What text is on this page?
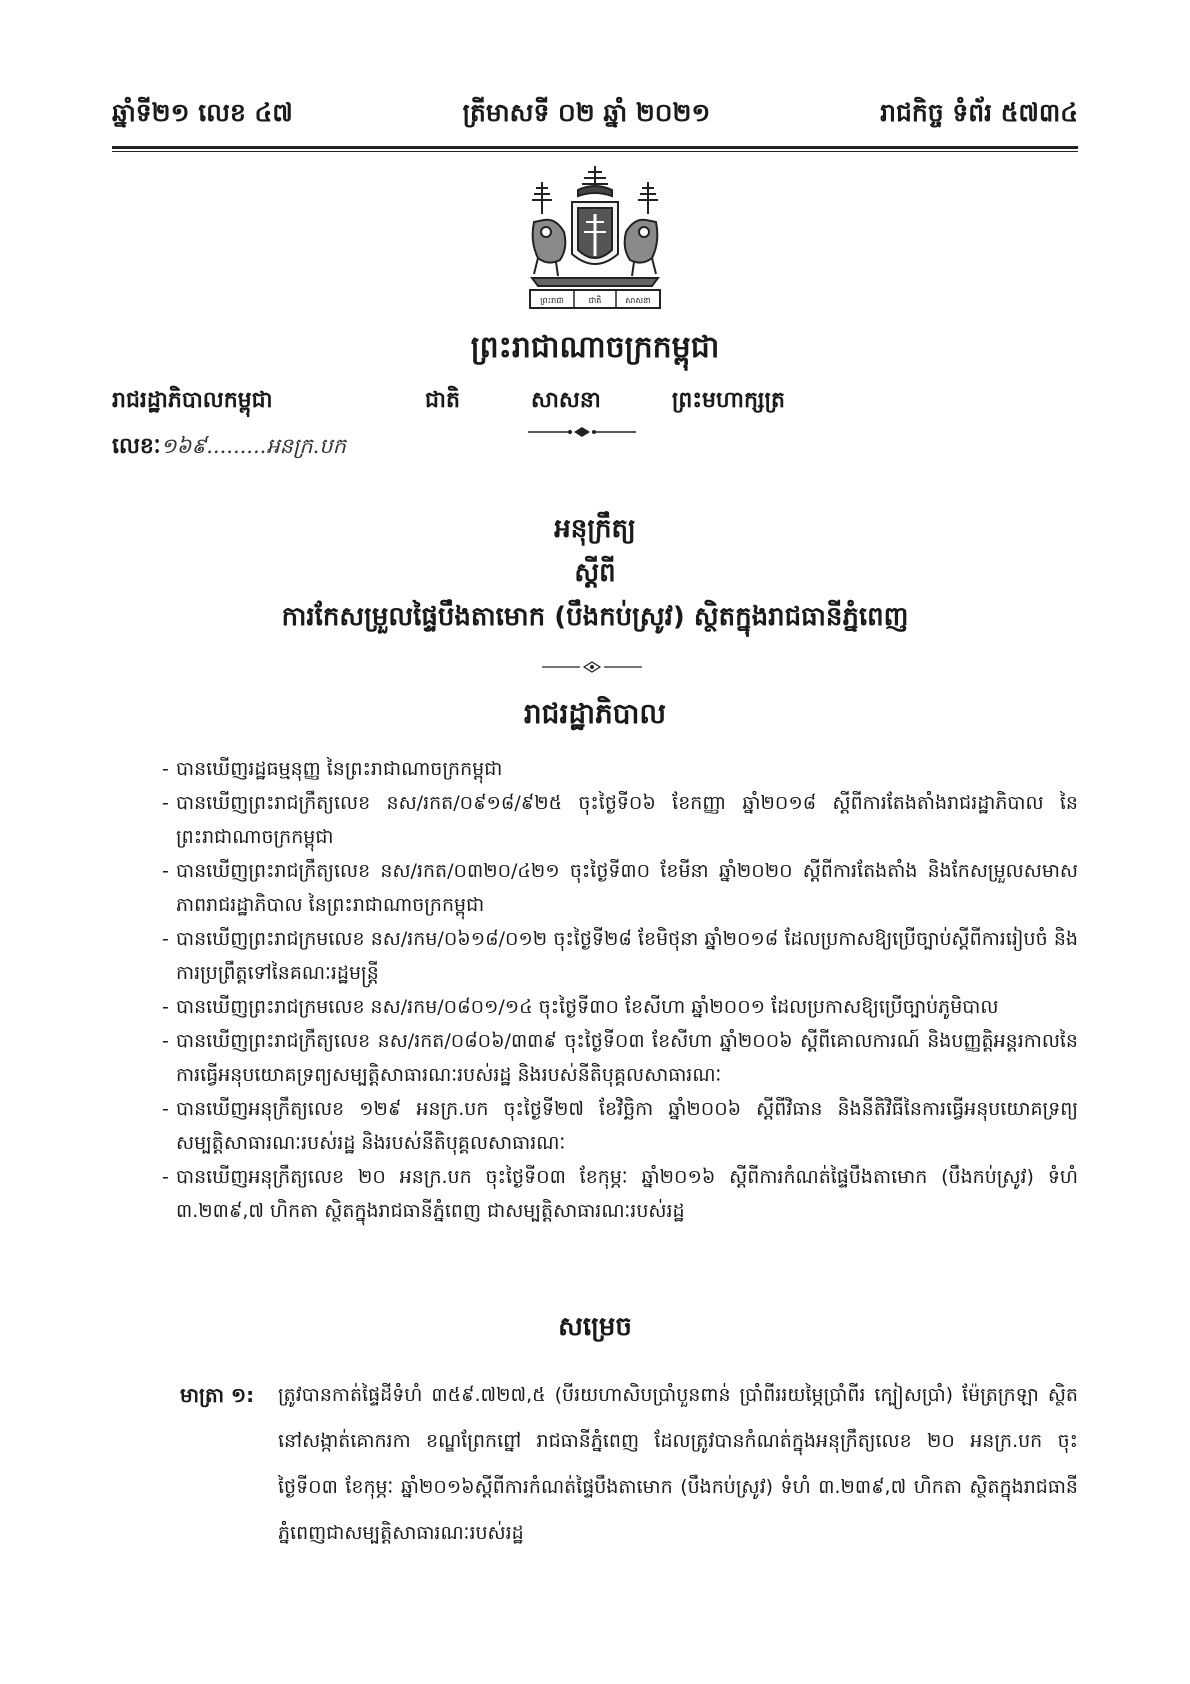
ឆ្នាំទី២១ លេខ ៤៧	ត្រីមាសទី ០២ ឆ្នាំ ២០២១	រាជកិច្ច ទំព័រ ៥៧៣៤
ព្រះរាជា	ជាតិ	សាសនា
ព្រះរាជាណាចក្រកម្ពុជា
រាជរដ្ឋាភិបាលកម្ពុជា	ជាតិ	សាសនា	ព្រះមហាក្សត្រ
លេខៈ១៦៩.........អនក្រ.បក
អនុក្រឹត្យ
ស្ដីពី
ការកែសម្រួលផ្ទៃបឹងតាមោក (បឹងកប់ស្រូវ) ស្ថិតក្នុងរាជធានីភ្នំពេញ
រាជរដ្ឋាភិបាល
- បានឃើញរដ្ឋធម្មនុញ្ញ នៃព្រះរាជាណាចក្រកម្ពុជា
- បានឃើញព្រះរាជក្រឹត្យលេខ នស/រកត/០៩១៨/៩២៥ ចុះថ្ងៃទី០៦ ខែកញ្ញា ឆ្នាំ២០១៨ ស្ដីពីការតែងតាំងរាជរដ្ឋាភិបាល នៃព្រះរាជាណាចក្រកម្ពុជា
- បានឃើញព្រះរាជក្រឹត្យលេខ នស/រកត/០៣២០/៤២១ ចុះថ្ងៃទី៣០ ខែមីនា ឆ្នាំ២០២០ ស្ដីពីការតែងតាំង និងកែសម្រួលសមាសភាពរាជរដ្ឋាភិបាល នៃព្រះរាជាណាចក្រកម្ពុជា
- បានឃើញព្រះរាជក្រមលេខ នស/រកម/០៦១៨/០១២ ចុះថ្ងៃទី២៨ ខែមិថុនា ឆ្នាំ២០១៨ ដែលប្រកាសឱ្យប្រើច្បាប់ស្ដីពីការរៀបចំ និងការប្រព្រឹត្តទៅនៃគណៈរដ្ឋមន្ត្រី
- បានឃើញព្រះរាជក្រមលេខ នស/រកម/០៨០១/១៤ ចុះថ្ងៃទី៣០ ខែសីហា ឆ្នាំ២០០១ ដែលប្រកាសឱ្យប្រើច្បាប់ភូមិបាល
- បានឃើញព្រះរាជក្រឹត្យលេខ នស/រកត/០៨០៦/៣៣៩ ចុះថ្ងៃទី០៣ ខែសីហា ឆ្នាំ២០០៦ ស្ដីពីគោលការណ៍ និងបញ្ញត្តិអន្តរកាលនៃការធ្វើអនុបយោគទ្រព្យសម្បត្តិសាធារណៈរបស់រដ្ឋ និងរបស់នីតិបុគ្គលសាធារណៈ
- បានឃើញអនុក្រឹត្យលេខ ១២៩ អនក្រ.បក ចុះថ្ងៃទី២៧ ខែវិច្ឆិកា ឆ្នាំ២០០៦ ស្ដីពីវិធាន និងនីតិវិធីនៃការធ្វើអនុបយោគទ្រព្យសម្បត្តិសាធារណៈរបស់រដ្ឋ និងរបស់នីតិបុគ្គលសាធារណៈ
- បានឃើញអនុក្រឹត្យលេខ ២០ អនក្រ.បក ចុះថ្ងៃទី០៣ ខែកុម្ភៈ ឆ្នាំ២០១៦ ស្ដីពីការកំណត់ផ្ទៃបឹងតាមោក (បឹងកប់ស្រូវ) ទំហំ ៣.២៣៩,៧ ហិកតា ស្ថិតក្នុងរាជធានីភ្នំពេញ ជាសម្បត្តិសាធារណៈរបស់រដ្ឋ
សម្រេច
មាត្រា ១: ត្រូវបានកាត់ផ្ទៃដីទំហំ ៣៥៩.៧២៧,៥ (បីរយហាសិបប្រាំបួនពាន់ ប្រាំពីររយម្ភៃប្រាំពីរ ក្បៀសប្រាំ) ម៉ែត្រក្រឡា ស្ថិតនៅសង្កាត់គោករកា ខណ្ឌព្រែកព្នៅ រាជធានីភ្នំពេញ ដែលត្រូវបានកំណត់ក្នុងអនុក្រឹត្យលេខ ២០ អនក្រ.បក ចុះថ្ងៃទី០៣ ខែកុម្ភៈ ឆ្នាំ២០១៦ស្ដីពីការកំណត់ផ្ទៃបឹងតាមោក (បឹងកប់ស្រូវ) ទំហំ ៣.២៣៩,៧ ហិកតា ស្ថិតក្នុងរាជធានីភ្នំពេញជាសម្បត្តិសាធារណៈរបស់រដ្ឋ
